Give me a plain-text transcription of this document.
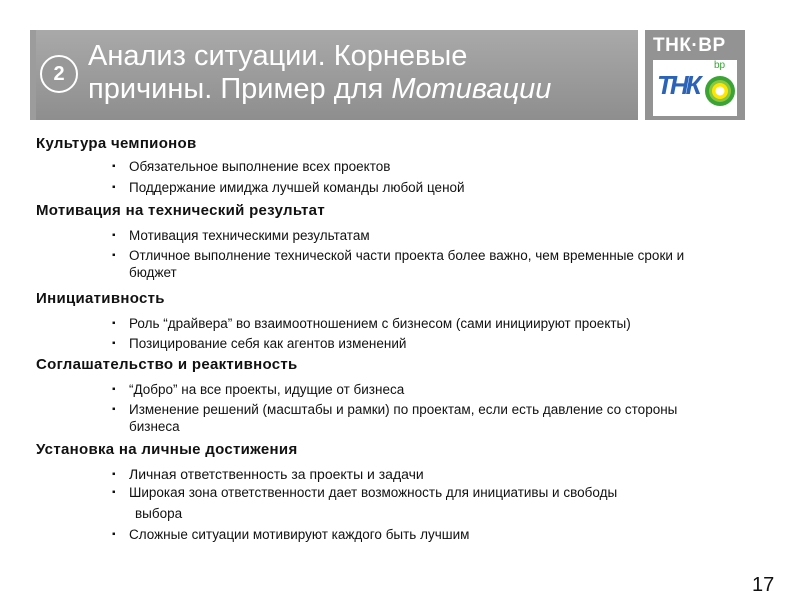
2
Анализ ситуации. Корневые
причины. Пример для Мотивации
ТНК·ВР
ТНК
bp
Культура чемпионов
▪ Обязательное выполнение всех проектов
▪ Поддержание имиджа лучшей команды любой ценой
Мотивация на технический результат
▪ Мотивация техническими результатам
▪ Отличное выполнение технической части проекта более важно, чем временные сроки и
бюджет
Инициативность
▪ Роль “драйвера” во взаимоотношением с бизнесом (сами инициируют проекты)
▪ Позицирование себя как агентов изменений
Соглашательство и реактивность
▪ “Добро” на все проекты, идущие от бизнеса
▪ Изменение решений (масштабы и рамки) по проектам, если есть давление со стороны
бизнеса
Установка на личные достижения
▪ Личная ответственность за проекты и задачи
▪ Широкая зона ответственности дает возможность для инициативы и свободы
выбора
▪ Сложные ситуации мотивируют каждого быть лучшим
17
